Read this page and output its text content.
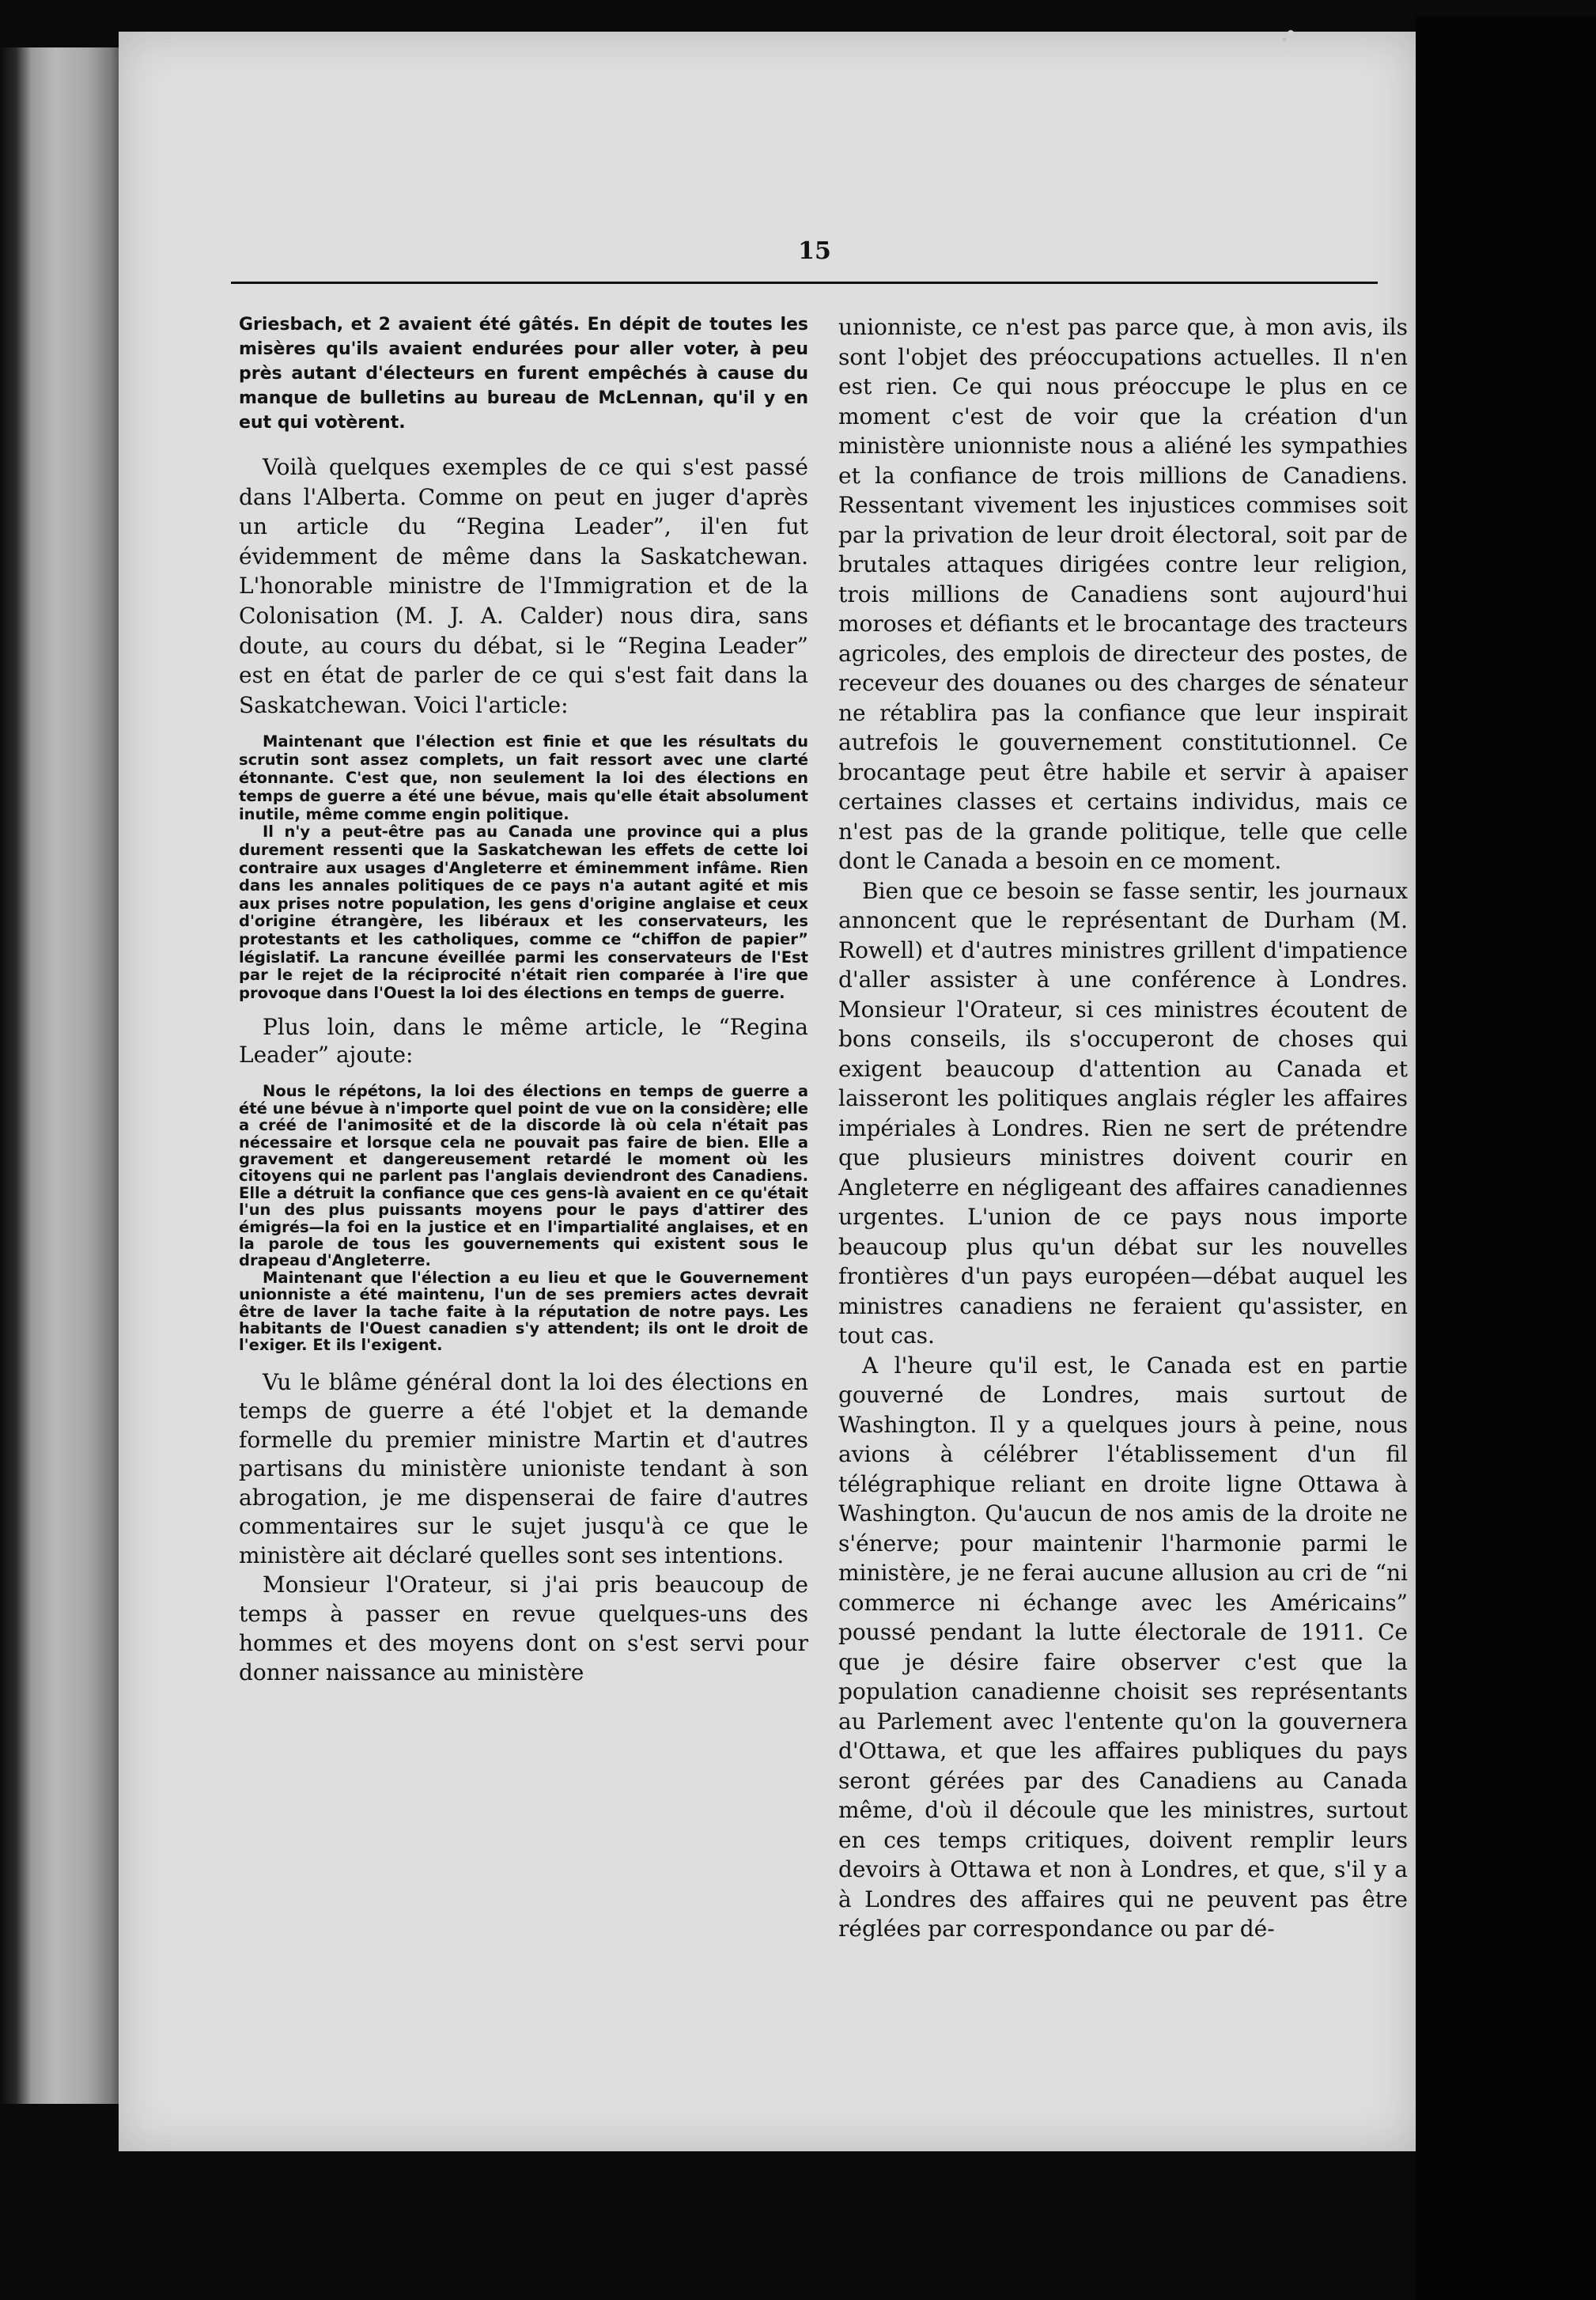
15

Griesbach, et 2 avaient été gâtés. En dépit de toutes les misères qu'ils avaient endurées pour aller voter, à peu près autant d'électeurs en furent empêchés à cause du manque de bulletins au bureau de McLennan, qu'il y en eut qui votèrent.

Voilà quelques exemples de ce qui s'est passé dans l'Alberta. Comme on peut en juger d'après un article du “Regina Leader”, il'en fut évidemment de même dans la Saskatchewan. L'honorable ministre de l'Immigration et de la Colonisation (M. J. A. Calder) nous dira, sans doute, au cours du débat, si le “Regina Leader” est en état de parler de ce qui s'est fait dans la Saskatchewan. Voici l'article:

Maintenant que l'élection est finie et que les résultats du scrutin sont assez complets, un fait ressort avec une clarté étonnante. C'est que, non seulement la loi des élections en temps de guerre a été une bévue, mais qu'elle était absolument inutile, même comme engin politique.

Il n'y a peut-être pas au Canada une province qui a plus durement ressenti que la Saskatchewan les effets de cette loi contraire aux usages d'Angleterre et éminemment infâme. Rien dans les annales politiques de ce pays n'a autant agité et mis aux prises notre population, les gens d'origine anglaise et ceux d'origine étrangère, les libéraux et les conservateurs, les protestants et les catholiques, comme ce “chiffon de papier” législatif. La rancune éveillée parmi les conservateurs de l'Est par le rejet de la réciprocité n'était rien comparée à l'ire que provoque dans l'Ouest la loi des élections en temps de guerre.

Plus loin, dans le même article, le “Regina Leader” ajoute:

Nous le répétons, la loi des élections en temps de guerre a été une bévue à n'importe quel point de vue on la considère; elle a créé de l'animosité et de la discorde là où cela n'était pas nécessaire et lorsque cela ne pouvait pas faire de bien. Elle a gravement et dangereusement retardé le moment où les citoyens qui ne parlent pas l'anglais deviendront des Canadiens. Elle a détruit la confiance que ces gens-là avaient en ce qu'était l'un des plus puissants moyens pour le pays d'attirer des émigrés—la foi en la justice et en l'impartialité anglaises, et en la parole de tous les gouvernements qui existent sous le drapeau d'Angleterre.

Maintenant que l'élection a eu lieu et que le Gouvernement unionniste a été maintenu, l'un de ses premiers actes devrait être de laver la tache faite à la réputation de notre pays. Les habitants de l'Ouest canadien s'y attendent; ils ont le droit de l'exiger. Et ils l'exigent.

Vu le blâme général dont la loi des élections en temps de guerre a été l'objet et la demande formelle du premier ministre Martin et d'autres partisans du ministère unioniste tendant à son abrogation, je me dispenserai de faire d'autres commentaires sur le sujet jusqu'à ce que le ministère ait déclaré quelles sont ses intentions.

Monsieur l'Orateur, si j'ai pris beaucoup de temps à passer en revue quelques-uns des hommes et des moyens dont on s'est servi pour donner naissance au ministère

unionniste, ce n'est pas parce que, à mon avis, ils sont l'objet des préoccupations actuelles. Il n'en est rien. Ce qui nous préoccupe le plus en ce moment c'est de voir que la création d'un ministère unionniste nous a aliéné les sympathies et la confiance de trois millions de Canadiens. Ressentant vivement les injustices commises soit par la privation de leur droit électoral, soit par de brutales attaques dirigées contre leur religion, trois millions de Canadiens sont aujourd'hui moroses et défiants et le brocantage des tracteurs agricoles, des emplois de directeur des postes, de receveur des douanes ou des charges de sénateur ne rétablira pas la confiance que leur inspirait autrefois le gouvernement constitutionnel. Ce brocantage peut être habile et servir à apaiser certaines classes et certains individus, mais ce n'est pas de la grande politique, telle que celle dont le Canada a besoin en ce moment.

Bien que ce besoin se fasse sentir, les journaux annoncent que le représentant de Durham (M. Rowell) et d'autres ministres grillent d'impatience d'aller assister à une conférence à Londres. Monsieur l'Orateur, si ces ministres écoutent de bons conseils, ils s'occuperont de choses qui exigent beaucoup d'attention au Canada et laisseront les politiques anglais régler les affaires impériales à Londres. Rien ne sert de prétendre que plusieurs ministres doivent courir en Angleterre en négligeant des affaires canadiennes urgentes. L'union de ce pays nous importe beaucoup plus qu'un débat sur les nouvelles frontières d'un pays européen—débat auquel les ministres canadiens ne feraient qu'assister, en tout cas.

A l'heure qu'il est, le Canada est en partie gouverné de Londres, mais surtout de Washington. Il y a quelques jours à peine, nous avions à célébrer l'établissement d'un fil télégraphique reliant en droite ligne Ottawa à Washington. Qu'aucun de nos amis de la droite ne s'énerve; pour maintenir l'harmonie parmi le ministère, je ne ferai aucune allusion au cri de “ni commerce ni échange avec les Américains” poussé pendant la lutte électorale de 1911. Ce que je désire faire observer c'est que la population canadienne choisit ses représentants au Parlement avec l'entente qu'on la gouvernera d'Ottawa, et que les affaires publiques du pays seront gérées par des Canadiens au Canada même, d'où il découle que les ministres, surtout en ces temps critiques, doivent remplir leurs devoirs à Ottawa et non à Londres, et que, s'il y a à Londres des affaires qui ne peuvent pas être réglées par correspondance ou par dé-
